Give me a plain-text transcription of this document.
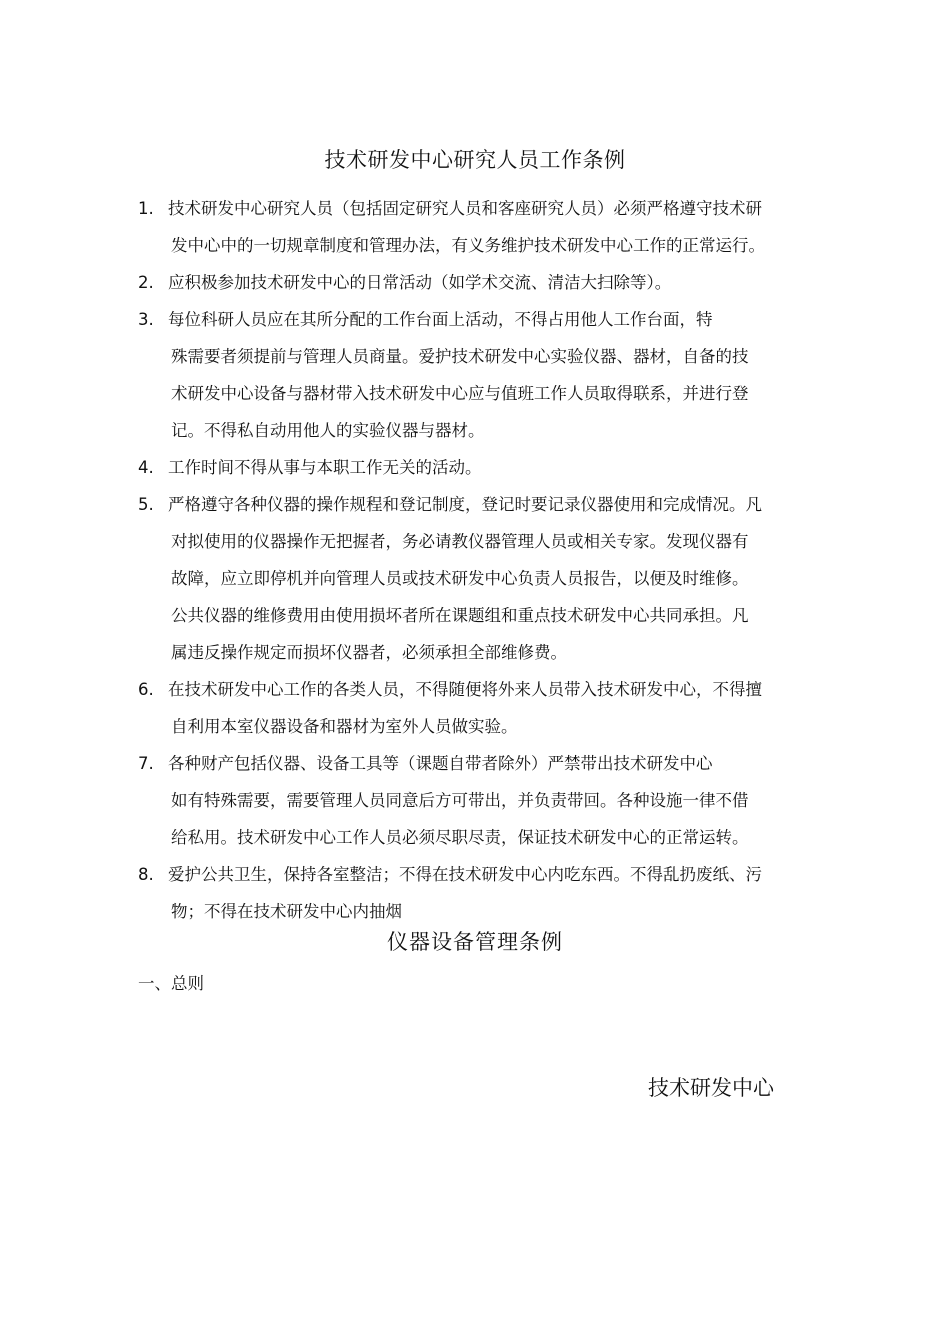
技术研发中心研究人员工作条例
1. 技术研发中心研究人员（包括固定研究人员和客座研究人员）必须严格遵守技术研
发中心中的一切规章制度和管理办法，有义务维护技术研发中心工作的正常运行。
2. 应积极参加技术研发中心的日常活动（如学术交流、清洁大扫除等）。
3. 每位科研人员应在其所分配的工作台面上活动，不得占用他人工作台面，特
殊需要者须提前与管理人员商量。爱护技术研发中心实验仪器、器材，自备的技
术研发中心设备与器材带入技术研发中心应与值班工作人员取得联系，并进行登
记。不得私自动用他人的实验仪器与器材。
4. 工作时间不得从事与本职工作无关的活动。
5. 严格遵守各种仪器的操作规程和登记制度，登记时要记录仪器使用和完成情况。凡
对拟使用的仪器操作无把握者，务必请教仪器管理人员或相关专家。发现仪器有
故障，应立即停机并向管理人员或技术研发中心负责人员报告，以便及时维修。
公共仪器的维修费用由使用损坏者所在课题组和重点技术研发中心共同承担。凡
属违反操作规定而损坏仪器者，必须承担全部维修费。
6. 在技术研发中心工作的各类人员，不得随便将外来人员带入技术研发中心，不得擅
自利用本室仪器设备和器材为室外人员做实验。
7. 各种财产包括仪器、设备工具等（课题自带者除外）严禁带出技术研发中心
如有特殊需要，需要管理人员同意后方可带出，并负责带回。各种设施一律不借
给私用。技术研发中心工作人员必须尽职尽责，保证技术研发中心的正常运转。
8. 爱护公共卫生，保持各室整洁；不得在技术研发中心内吃东西。不得乱扔废纸、污
物；不得在技术研发中心内抽烟
仪器设备管理条例
一、总则
技术研发中心
